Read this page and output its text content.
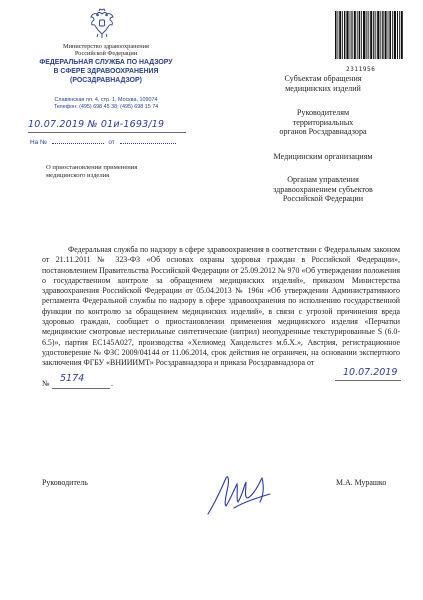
Министерство здравоохранения
Российской Федерации
ФЕДЕРАЛЬНАЯ СЛУЖБА ПО НАДЗОРУ
В СФЕРЕ ЗДРАВООХРАНЕНИЯ
(РОСЗДРАВНАДЗОР)
Славянская пл. 4, стр. 1, Москва, 109074
Телефон: (495) 698 45 38; (495) 698 15 74
10.07.2019 № 01и-1693/19
На №	от
О приостановлении применения
медицинского изделия
2311956
Субъектам обращения
медицинских изделий
Руководителям
территориальных
органов Росздравнадзора
Медицинским организациям
Органам управления
здравоохранением субъектов
Российской Федерации

Федеральная служба по надзору в сфере здравоохранения в соответствии с Федеральным законом от 21.11.2011 № 323-ФЗ «Об основах охраны здоровья граждан в Российской Федерации», постановлением Правительства Российской Федерации от 25.09.2012 № 970 «Об утверждении положения о государственном контроле за обращением медицинских изделий», приказом Министерства здравоохранения Российской Федерации от 05.04.2013 № 196н «Об утверждении Административного регламента Федеральной службы по надзору в сфере здравоохранения по исполнению государственной функции по контролю за обращением медицинских изделий», в связи с угрозой причинения вреда здоровью граждан, сообщает о приостановлении применения медицинского изделия «Перчатки медицинские смотровые нестерильные синтетические (нитрил) неопудренные текстурированные S (6.0-6.5)», партия ЕС145А027, производства «Хелиомед Хандельсгез м.б.Х.», Австрия, регистрационное удостоверение № ФЗС 2009/04144 от 11.06.2014, срок действия не ограничен, на основании экспертного заключения ФГБУ «ВНИИИМТ» Росздравнадзора и приказа Росздравнадзора от

10.07.2019
№ 5174	.
Руководитель	М.А. Мурашко
